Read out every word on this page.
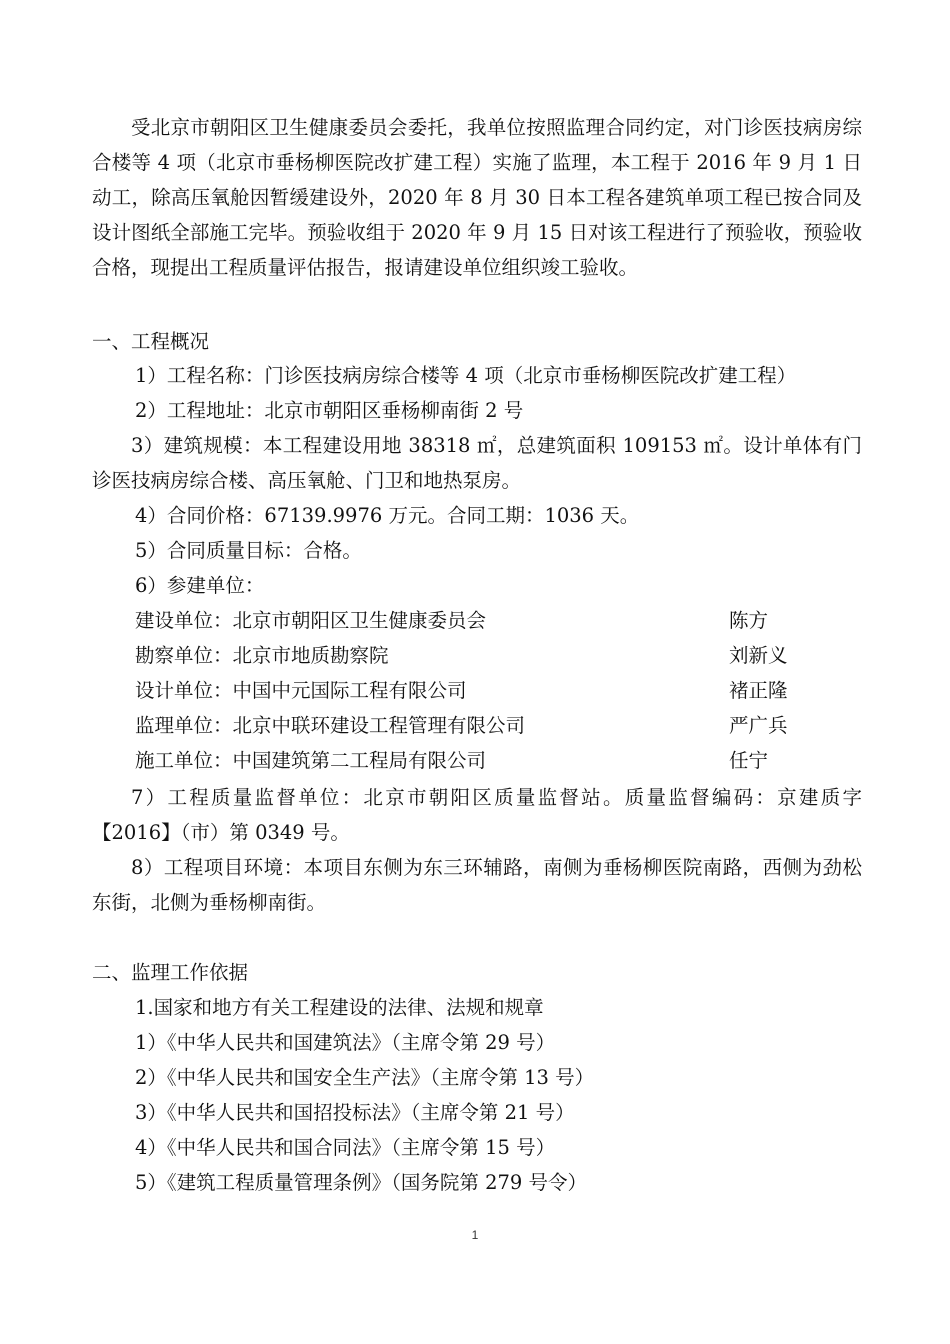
受北京市朝阳区卫生健康委员会委托，我单位按照监理合同约定，对门诊医技病房综合楼等 4 项（北京市垂杨柳医院改扩建工程）实施了监理，本工程于 2016 年 9 月 1 日动工，除高压氧舱因暂缓建设外，2020 年 8 月 30 日本工程各建筑单项工程已按合同及设计图纸全部施工完毕。预验收组于 2020 年 9 月 15 日对该工程进行了预验收，预验收合格，现提出工程质量评估报告，报请建设单位组织竣工验收。

一、工程概况

1）工程名称：门诊医技病房综合楼等 4 项（北京市垂杨柳医院改扩建工程）

2）工程地址：北京市朝阳区垂杨柳南街 2 号

3）建筑规模：本工程建设用地 38318 ㎡，总建筑面积 109153 ㎡。设计单体有门诊医技病房综合楼、高压氧舱、门卫和地热泵房。

4）合同价格：67139.9976 万元。合同工期：1036 天。

5）合同质量目标：合格。

6）参建单位：

建设单位：北京市朝阳区卫生健康委员会	陈方
勘察单位：北京市地质勘察院	刘新义
设计单位：中国中元国际工程有限公司	褚正隆
监理单位：北京中联环建设工程管理有限公司	严广兵
施工单位：中国建筑第二工程局有限公司	任宁

7）工程质量监督单位：北京市朝阳区质量监督站。质量监督编码：京建质字【2016】（市）第 0349 号。

8）工程项目环境：本项目东侧为东三环辅路，南侧为垂杨柳医院南路，西侧为劲松东街，北侧为垂杨柳南街。

二、监理工作依据

1.国家和地方有关工程建设的法律、法规和规章

1）《中华人民共和国建筑法》（主席令第 29 号）

2）《中华人民共和国安全生产法》（主席令第 13 号）

3）《中华人民共和国招投标法》（主席令第 21 号）

4）《中华人民共和国合同法》（主席令第 15 号）

5）《建筑工程质量管理条例》（国务院第 279 号令）

1
